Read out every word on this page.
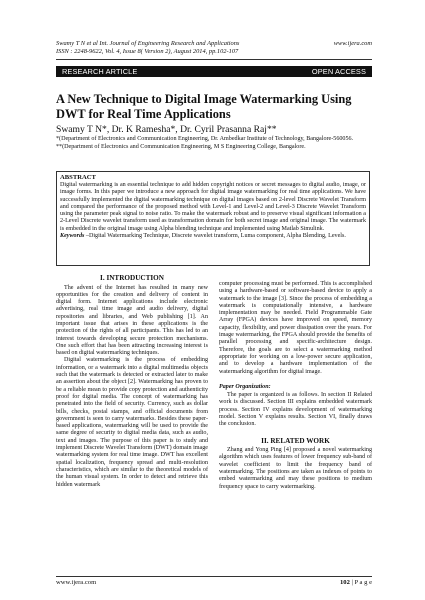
Swamy T N et al Int. Journal of Engineering Research and Applications	www.ijera.com
ISSN : 2248-9622, Vol. 4, Issue 8( Version 2), August 2014, pp.102-107
RESEARCH ARTICLE	OPEN ACCESS
A New Technique to Digital Image Watermarking Using DWT for Real Time Applications
Swamy T N*, Dr. K Ramesha*, Dr. Cyril Prasanna Raj**
*(Department of Electronics and Communication Engineering, Dr. Ambedkar Institute of Technology, Bangalore-560056.
**(Department of Electronics and Communication Engineering, M S Engineering College, Bangalore.
ABSTRACT
Digital watermarking is an essential technique to add hidden copyright notices or secret messages to digital audio, image, or image forms. In this paper we introduce a new approach for digital image watermarking for real time applications. We have successfully implemented the digital watermarking technique on digital images based on 2-level Discrete Wavelet Transform and compared the performance of the proposed method with Level-1 and Level-2 and Level-3 Discrete Wavelet Transform using the parameter peak signal to noise ratio. To make the watermark robust and to preserve visual significant information a 2-Level Discrete wavelet transform used as transformation domain for both secret image and original image. The watermark is embedded in the original image using Alpha blending technique and implemented using Matlab Simulink.
Keywords –Digital Watermarking Technique, Discrete wavelet transform, Luma component, Alpha Blending, Levels.
I. INTRODUCTION

The advent of the Internet has resulted in many new opportunities for the creation and delivery of content in digital form. Internet applications include electronic advertising, real time image and audio delivery, digital repositories and libraries, and Web publishing [1]. An important issue that arises in these applications is the protection of the rights of all participants. This has led to an interest towards developing secure protection mechanisms. One such effort that has been attracting increasing interest is based on digital watermarking techniques.

Digital watermarking is the process of embedding information, or a watermark into a digital multimedia objects such that the watermark is detected or extracted later to make an assertion about the object [2]. Watermarking has proven to be a reliable mean to provide copy protection and authenticity proof for digital media. The concept of watermarking has penetrated into the field of security. Currency, such as dollar bills, checks, postal stamps, and official documents from government is seen to carry watermarks. Besides these paper-based applications, watermarking will be used to provide the same degree of security to digital media data, such as audio, text and images. The purpose of this paper is to study and implement Discrete Wavelet Transform (DWT) domain image watermarking system for real time image. DWT has excellent spatial localization, frequency spread and multi-resolution characteristics, which are similar to the theoretical models of the human visual system. In order to detect and retrieve this hidden watermark

computer processing must be performed. This is accomplished using a hardware-based or software-based device to apply a watermark to the image [3]. Since the process of embedding a watermark is computationally intensive, a hardware implementation may be needed. Field Programmable Gate Array (FPGA) devices have improved on speed, memory capacity, flexibility, and power dissipation over the years. For image watermarking, the FPGA should provide the benefits of parallel processing and specific-architecture design. Therefore, the goals are to select a watermarking method appropriate for working on a low-power secure application, and to develop a hardware implementation of the watermarking algorithm for digital image.

Paper Organization:

The paper is organized is as follows. In section II Related work is discussed. Section III explains embedded watermark process. Section IV explains development of watermarking model. Section V explains results. Section VI, finally draws the conclusion.

II. RELATED WORK

Zhang and Yong Ping [4] proposed a novel watermarking algorithm which uses features of lower frequency sub-band of wavelet coefficient to limit the frequency band of watermarking. The positions are taken as indexes of points to embed watermarking and may these positions to medium frequency space to carry watermarking.

www.ijera.com	102 | P a g e
